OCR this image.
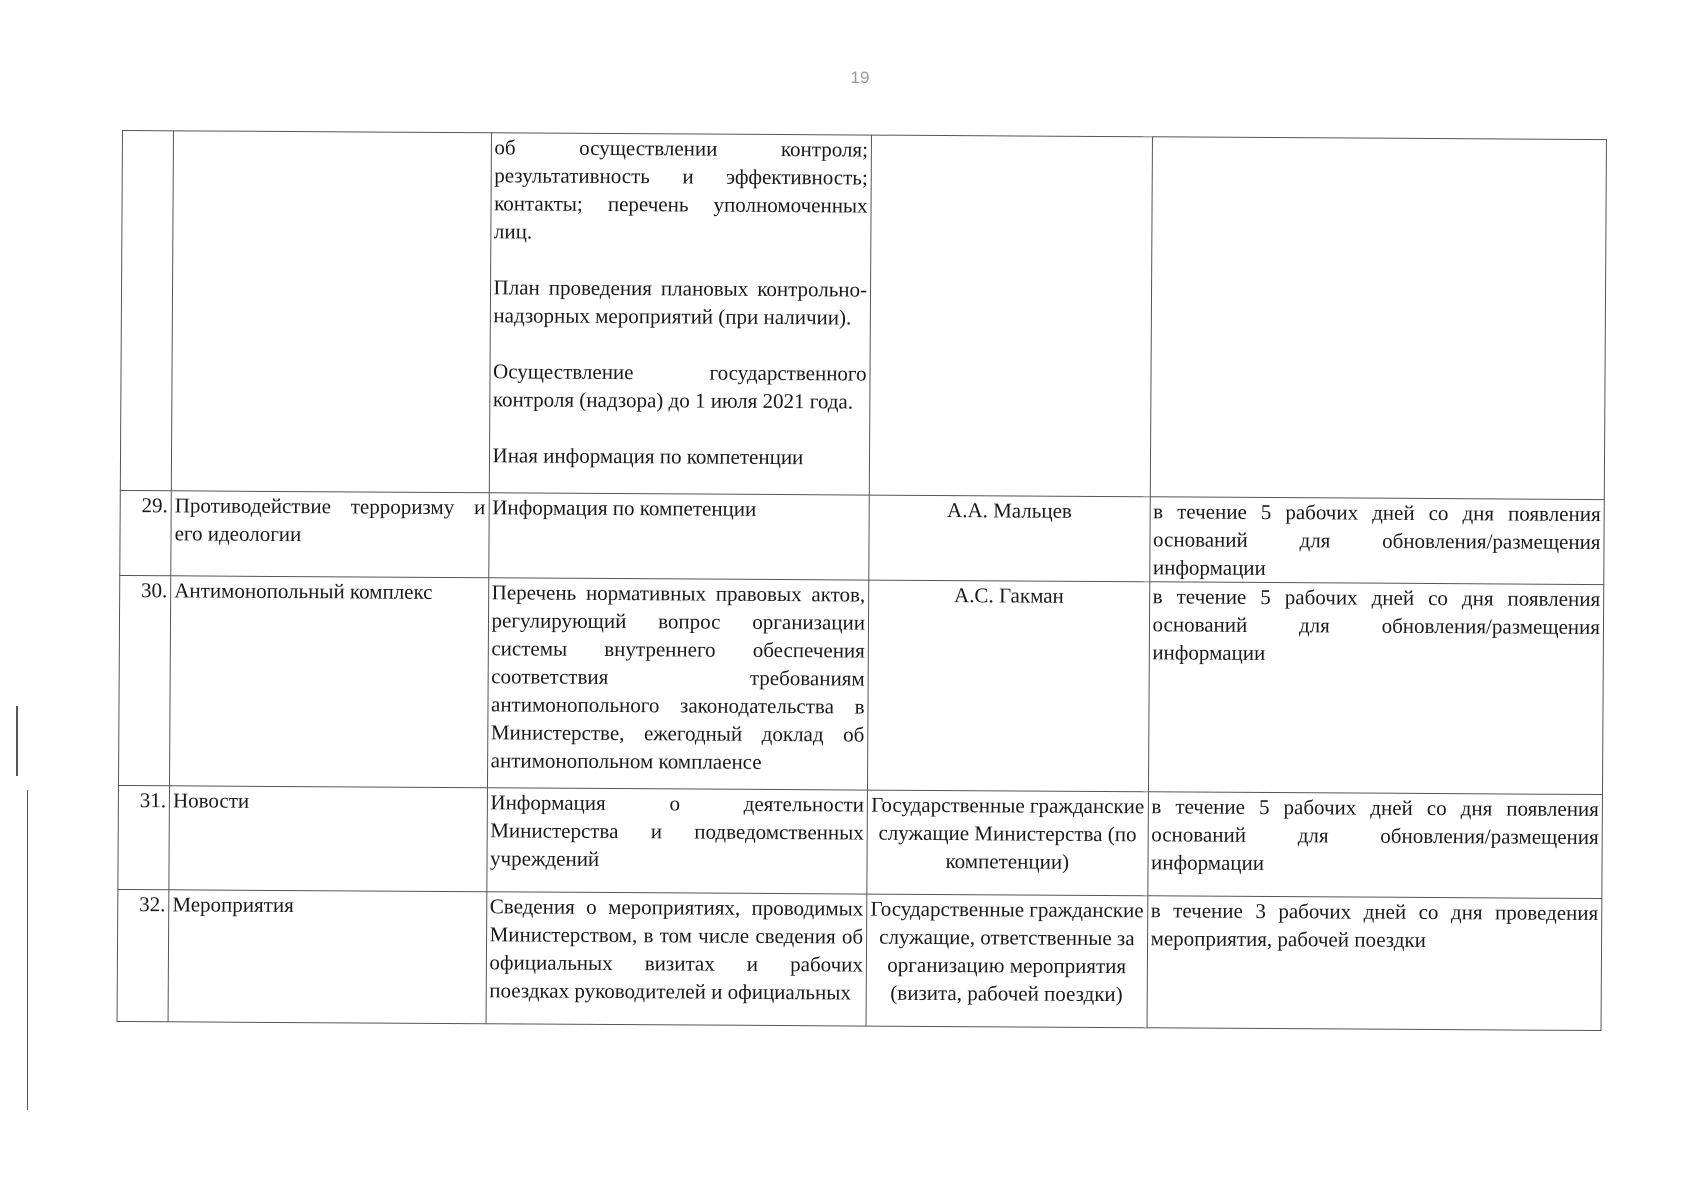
19

		об осуществлении контроля; результативность и эффективность; контакты; перечень уполномоченных лиц.

План проведения плановых контрольно-надзорных мероприятий (при наличии).

Осуществление государственного контроля (надзора) до 1 июля 2021 года.

Иная информация по компетенции		

29.	Противодействие терроризму и его идеологии	Информация по компетенции	А.А. Мальцев	в течение 5 рабочих дней со дня появления оснований для обновления/размещения информации
30.	Антимонопольный комплекс	Перечень нормативных правовых актов, регулирующий вопрос организации системы внутреннего обеспечения соответствия требованиям антимонопольного законодательства в Министерстве, ежегодный доклад об антимонопольном комплаенсе	А.С. Гакман	в течение 5 рабочих дней со дня появления оснований для обновления/размещения информации
31.	Новости	Информация о деятельности Министерства и подведомственных учреждений	Государственные гражданские служащие Министерства (по компетенции)	в течение 5 рабочих дней со дня появления оснований для обновления/размещения информации
32.	Мероприятия	Сведения о мероприятиях, проводимых Министерством, в том числе сведения об официальных визитах и рабочих поездках руководителей и официальных	Государственные гражданские служащие, ответственные за организацию мероприятия (визита, рабочей поездки)	в течение 3 рабочих дней со дня проведения мероприятия, рабочей поездки
